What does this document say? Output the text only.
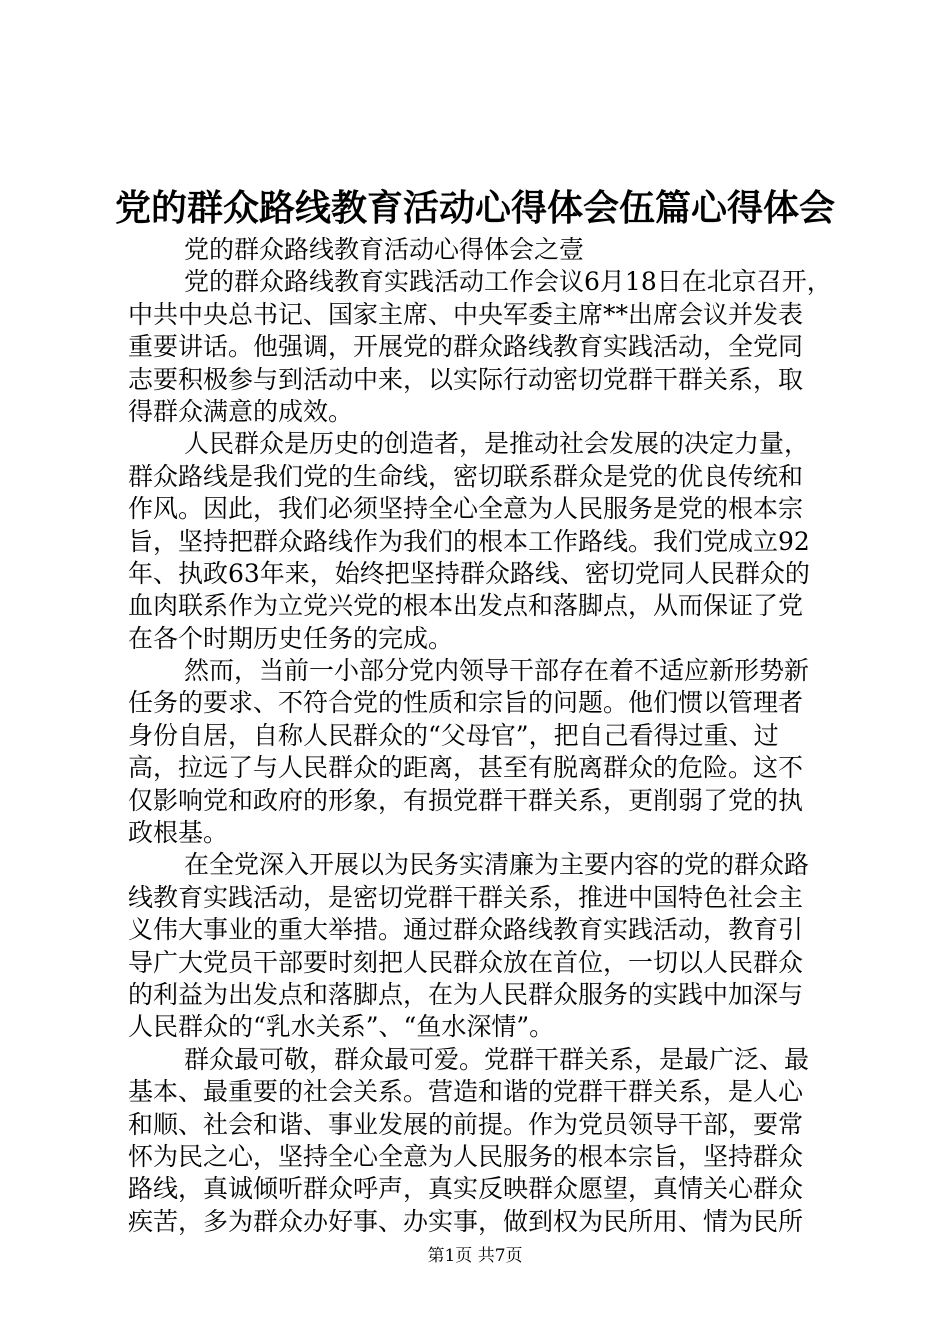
党的群众路线教育活动心得体会伍篇心得体会
党的群众路线教育活动心得体会之壹
党的群众路线教育实践活动工作会议6月18日在北京召开，
中共中央总书记、国家主席、中央军委主席**出席会议并发表
重要讲话。他强调，开展党的群众路线教育实践活动，全党同
志要积极参与到活动中来，以实际行动密切党群干群关系，取
得群众满意的成效。
人民群众是历史的创造者，是推动社会发展的决定力量，
群众路线是我们党的生命线，密切联系群众是党的优良传统和
作风。因此，我们必须坚持全心全意为人民服务是党的根本宗
旨，坚持把群众路线作为我们的根本工作路线。我们党成立92
年、执政63年来，始终把坚持群众路线、密切党同人民群众的
血肉联系作为立党兴党的根本出发点和落脚点，从而保证了党
在各个时期历史任务的完成。
然而，当前一小部分党内领导干部存在着不适应新形势新
任务的要求、不符合党的性质和宗旨的问题。他们惯以管理者
身份自居，自称人民群众的“父母官”，把自己看得过重、过
高，拉远了与人民群众的距离，甚至有脱离群众的危险。这不
仅影响党和政府的形象，有损党群干群关系，更削弱了党的执
政根基。
在全党深入开展以为民务实清廉为主要内容的党的群众路
线教育实践活动，是密切党群干群关系，推进中国特色社会主
义伟大事业的重大举措。通过群众路线教育实践活动，教育引
导广大党员干部要时刻把人民群众放在首位，一切以人民群众
的利益为出发点和落脚点，在为人民群众服务的实践中加深与
人民群众的“乳水关系”、“鱼水深情”。
群众最可敬，群众最可爱。党群干群关系，是最广泛、最
基本、最重要的社会关系。营造和谐的党群干群关系，是人心
和顺、社会和谐、事业发展的前提。作为党员领导干部，要常
怀为民之心，坚持全心全意为人民服务的根本宗旨，坚持群众
路线，真诚倾听群众呼声，真实反映群众愿望，真情关心群众
疾苦，多为群众办好事、办实事，做到权为民所用、情为民所
第1页 共7页
